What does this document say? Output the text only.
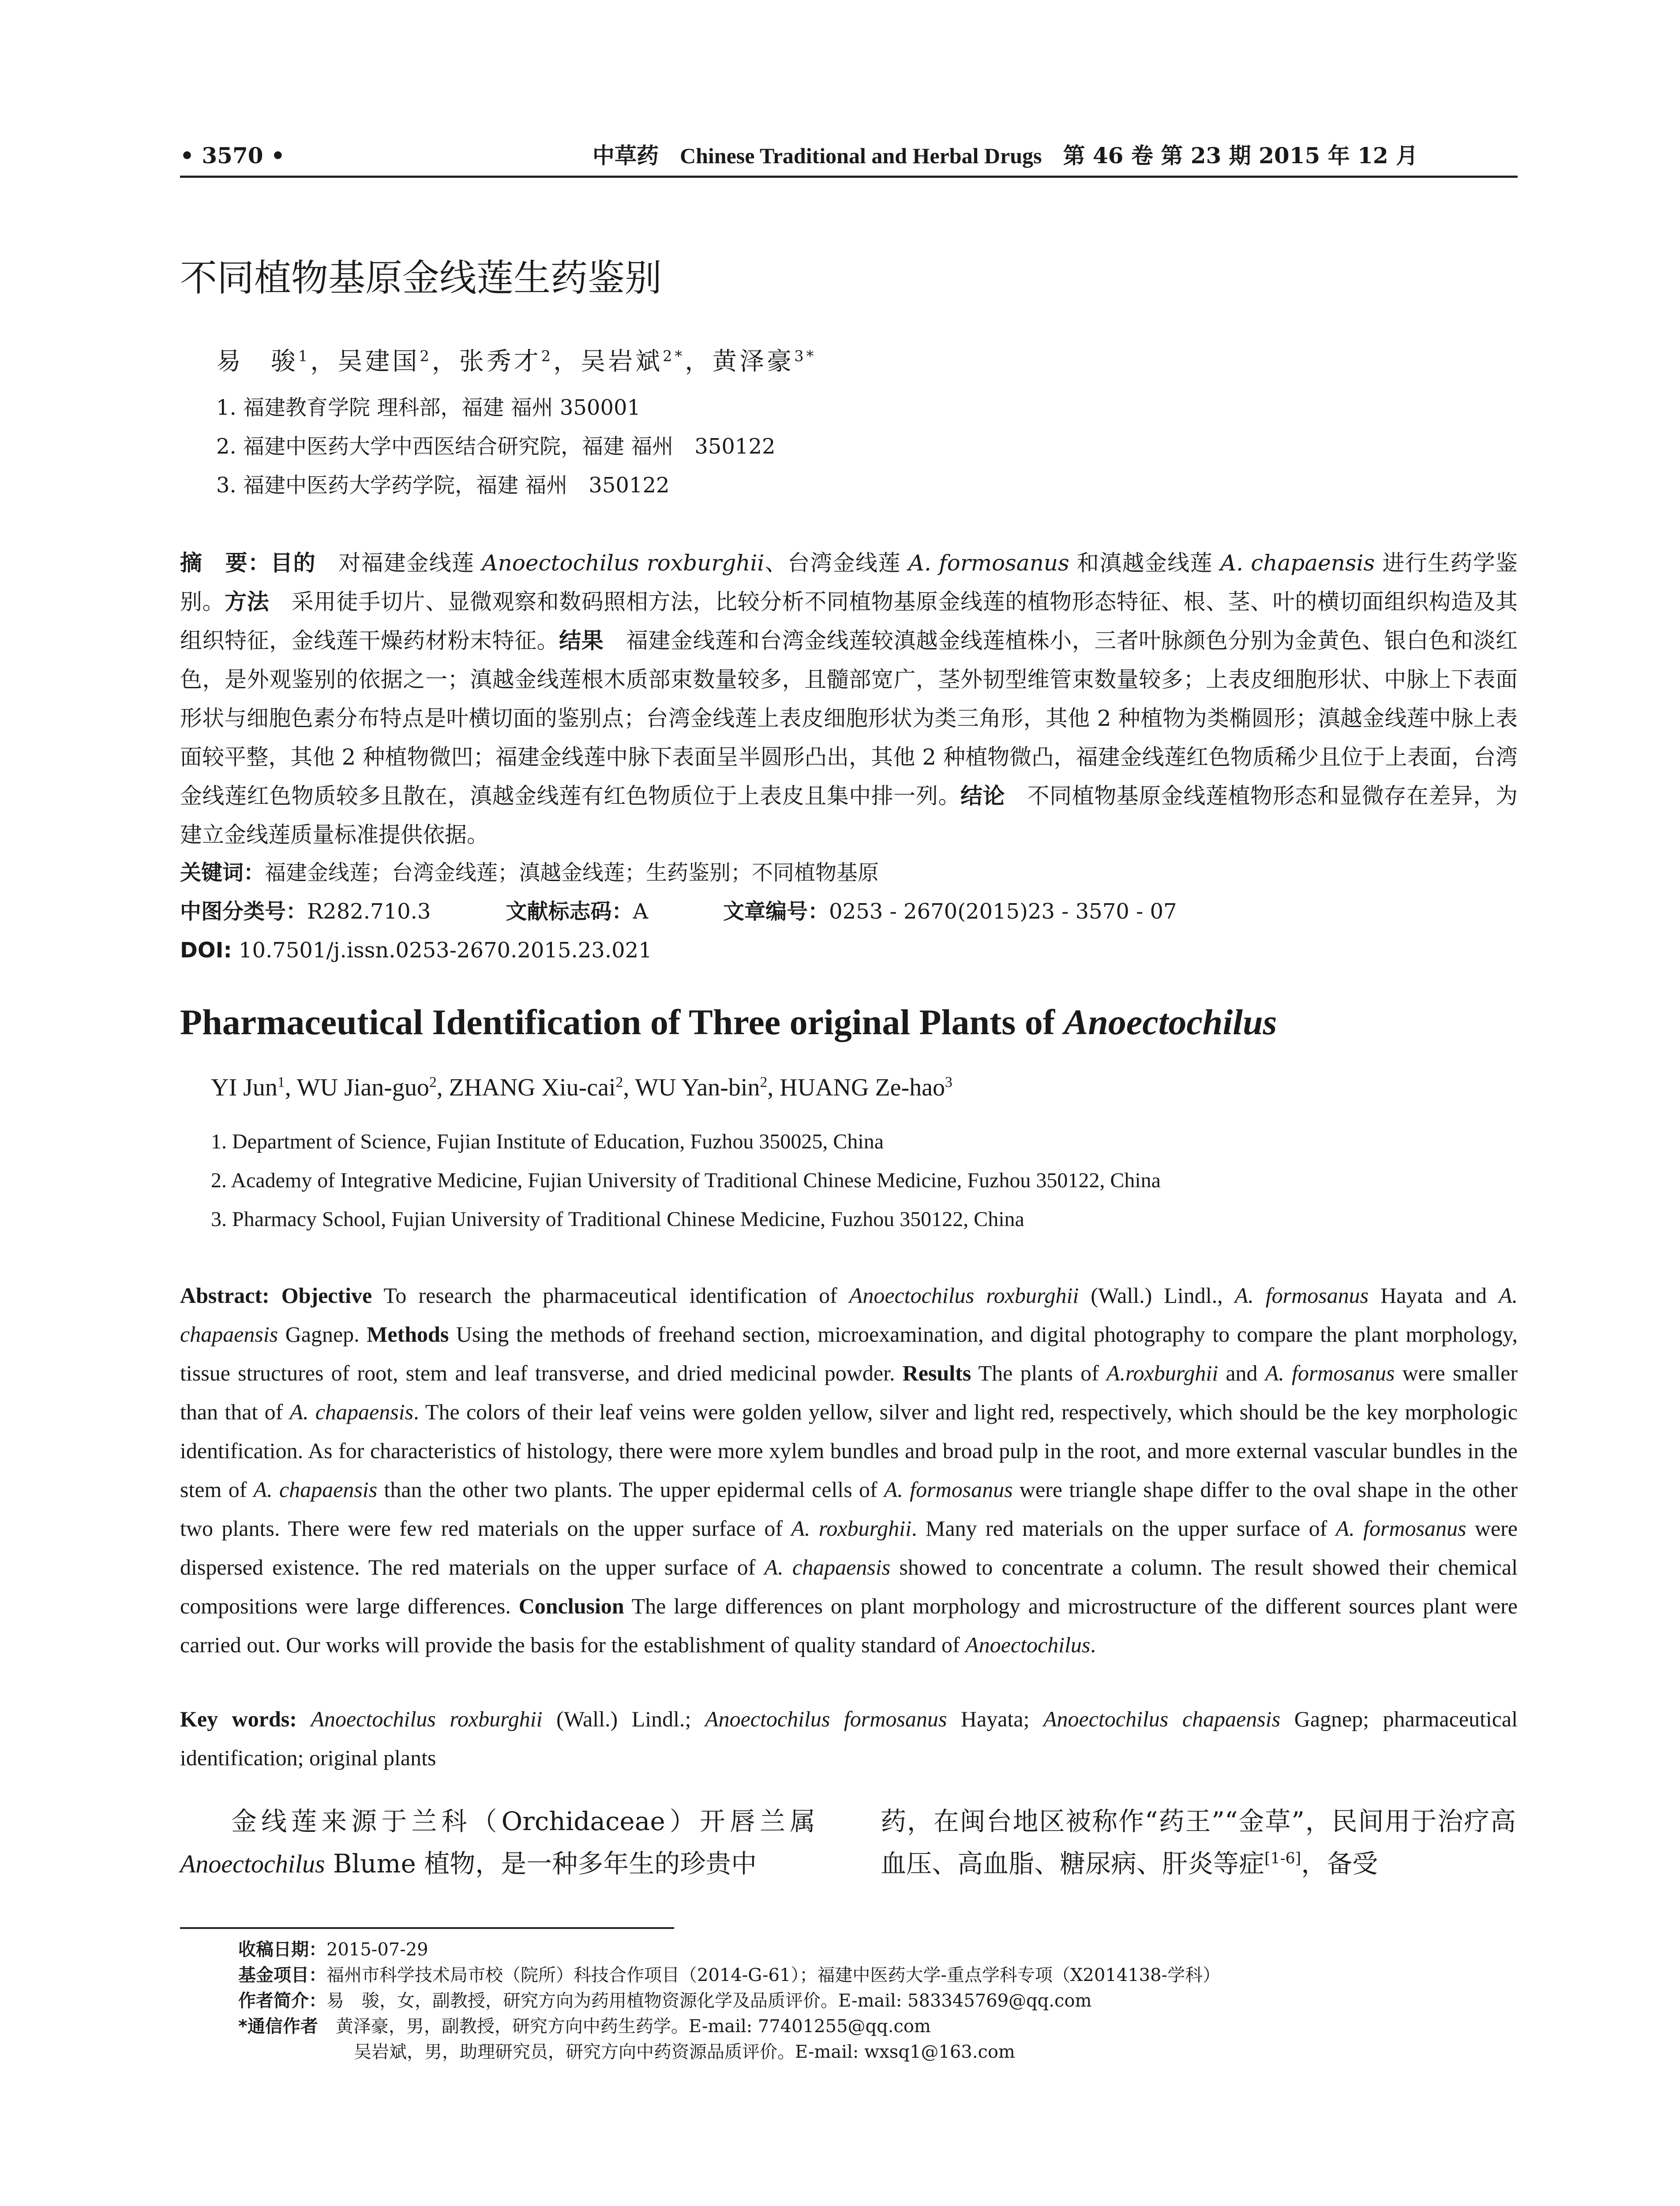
• 3570 •	中草药 Chinese Traditional and Herbal Drugs 第 46 卷 第 23 期 2015 年 12 月
不同植物基原金线莲生药鉴别
易　骏$^1$，吴建国$^2$，张秀才$^2$，吴岩斌$^{2*}$，黄泽豪$^{3*}$
1. 福建教育学院 理科部，福建 福州 350001
2. 福建中医药大学中西医结合研究院，福建 福州　350122
3. 福建中医药大学药学院，福建 福州　350122
摘　要：目的　 对福建金线莲 Anoectochilus roxburghii、台湾金线莲 A. formosanus 和滇越金线莲 A. chapaensis 进行生药学鉴别。方法　 采用徒手切片、显微观察和数码照相方法，比较分析不同植物基原金线莲的植物形态特征、根、茎、叶的横切面组织构造及其组织特征，金线莲干燥药材粉末特征。结果　 福建金线莲和台湾金线莲较滇越金线莲植株小，三者叶脉颜色分别为金黄色、银白色和淡红色，是外观鉴别的依据之一；滇越金线莲根木质部束数量较多，且髓部宽广，茎外韧型维管束数量较多；上表皮细胞形状、中脉上下表面形状与细胞色素分布特点是叶横切面的鉴别点；台湾金线莲上表皮细胞形状为类三角形，其他 2 种植物为类椭圆形；滇越金线莲中脉上表面较平整，其他 2 种植物微凹；福建金线莲中脉下表面呈半圆形凸出，其他 2 种植物微凸，福建金线莲红色物质稀少且位于上表面，台湾金线莲红色物质较多且散在，滇越金线莲有红色物质位于上表皮且集中排一列。结论　 不同植物基原金线莲植物形态和显微存在差异，为建立金线莲质量标准提供依据。
关键词：福建金线莲；台湾金线莲；滇越金线莲；生药鉴别；不同植物基原
中图分类号：R282.710.3	文献标志码：A	文章编号：0253 - 2670(2015)23 - 3570 - 07
DOI: 10.7501/j.issn.0253-2670.2015.23.021
Pharmaceutical Identification of Three original Plants of Anoectochilus
YI Jun$^1$, WU Jian-guo$^2$, ZHANG Xiu-cai$^2$, WU Yan-bin$^2$, HUANG Ze-hao$^3$
1. Department of Science, Fujian Institute of Education, Fuzhou 350025, China
2. Academy of Integrative Medicine, Fujian University of Traditional Chinese Medicine, Fuzhou 350122, China
3. Pharmacy School, Fujian University of Traditional Chinese Medicine, Fuzhou 350122, China
Abstract: Objective To research the pharmaceutical identification of Anoectochilus roxburghii (Wall.) Lindl., A. formosanus Hayata and A. chapaensis Gagnep. Methods Using the methods of freehand section, microexamination, and digital photography to compare the plant morphology, tissue structures of root, stem and leaf transverse, and dried medicinal powder. Results The plants of A.roxburghii and A. formosanus were smaller than that of A. chapaensis. The colors of their leaf veins were golden yellow, silver and light red, respectively, which should be the key morphologic identification. As for characteristics of histology, there were more xylem bundles and broad pulp in the root, and more external vascular bundles in the stem of A. chapaensis than the other two plants. The upper epidermal cells of A. formosanus were triangle shape differ to the oval shape in the other two plants. There were few red materials on the upper surface of A. roxburghii. Many red materials on the upper surface of A. formosanus were dispersed existence. The red materials on the upper surface of A. chapaensis showed to concentrate a column. The result showed their chemical compositions were large differences. Conclusion The large differences on plant morphology and microstructure of the different sources plant were carried out. Our works will provide the basis for the establishment of quality standard of Anoectochilus.
Key words: Anoectochilus roxburghii (Wall.) Lindl.; Anoectochilus formosanus Hayata; Anoectochilus chapaensis Gagnep; pharmaceutical identification; original plants
金线莲来源于兰科（Orchidaceae）开唇兰属 Anoectochilus Blume 植物，是一种多年生的珍贵中
药，在闽台地区被称作“药王”“金草”，民间用于治疗高血压、高血脂、糖尿病、肝炎等症[1-6]，备受
收稿日期：2015-07-29
基金项目：福州市科学技术局市校（院所）科技合作项目（2014-G-61）；福建中医药大学-重点学科专项（X2014138-学科）
作者简介：易　骏，女，副教授，研究方向为药用植物资源化学及品质评价。E-mail: 583345769@qq.com
*通信作者　黄泽豪，男，副教授，研究方向中药生药学。E-mail: 77401255@qq.com
吴岩斌，男，助理研究员，研究方向中药资源品质评价。E-mail: wxsq1@163.com
